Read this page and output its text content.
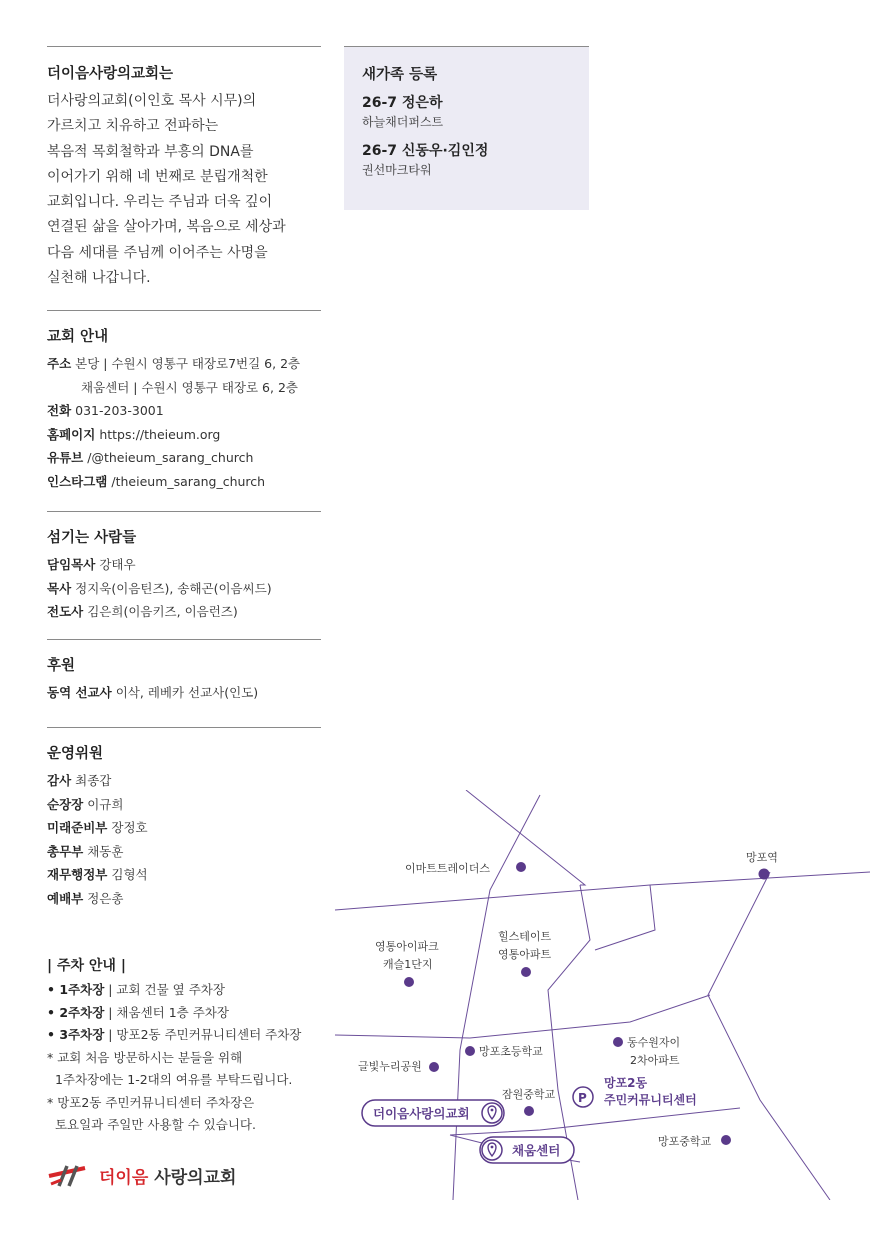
더이음사랑의교회는
더사랑의교회(이인호 목사 시무)의
가르치고 치유하고 전파하는
복음적 목회철학과 부흥의 DNA를
이어가기 위해 네 번째로 분립개척한
교회입니다. 우리는 주님과 더욱 깊이
연결된 삶을 살아가며, 복음으로 세상과
다음 세대를 주님께 이어주는 사명을
실천해 나갑니다.
교회 안내
주소 본당 | 수원시 영통구 태장로7번길 6, 2층
채움센터 | 수원시 영통구 태장로 6, 2층
전화 031-203-3001
홈페이지 https://theieum.org
유튜브 /@theieum_sarang_church
인스타그램 /theieum_sarang_church
섬기는 사람들
담임목사 강태우
목사 정지욱(이음틴즈), 송해곤(이음씨드)
전도사 김은희(이음키즈, 이음런즈)
후원
동역 선교사 이삭, 레베카 선교사(인도)
운영위원
감사 최종갑
순장장 이규희
미래준비부 장정호
총무부 채동훈
재무행정부 김형석
예배부 정은총
새가족 등록
26-7 정은하
하늘채더퍼스트
26-7 신동우·김인정
권선마크타워
| 주차 안내 |
• 1주차장 | 교회 건물 옆 주차장
• 2주차장 | 채움센터 1층 주차장
• 3주차장 | 망포2동 주민커뮤니티센터 주차장
* 교회 처음 방문하시는 분들을 위해
1주차장에는 1-2대의 여유를 부탁드립니다.
* 망포2동 주민커뮤니티센터 주차장은
토요일과 주일만 사용할 수 있습니다.
더이음 사랑의교회
이마트트레이더스
망포역
영통아이파크
캐슬1단지
힐스테이트
영통아파트
동수원자이
2차아파트
망포초등학교
글빛누리공원
잠원중학교 P
망포2동
주민커뮤니티센터
더이음사랑의교회
채움센터
망포중학교
